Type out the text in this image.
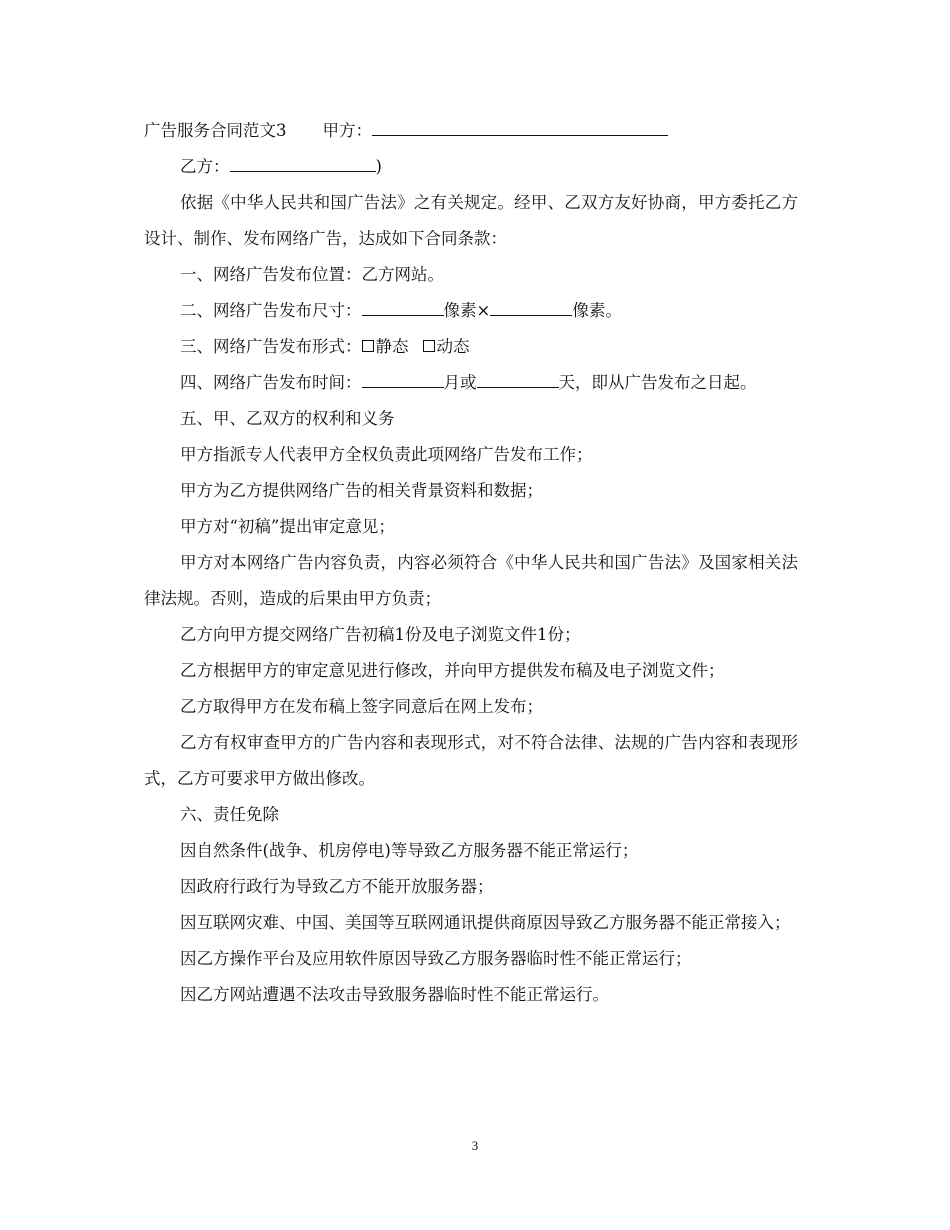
广告服务合同范文3 甲方：

乙方：	)

依据《中华人民共和国广告法》之有关规定。经甲、乙双方友好协商，甲方委托乙方设计、制作、发布网络广告，达成如下合同条款：

一、网络广告发布位置：乙方网站。

二、网络广告发布尺寸：	像素×	像素。

三、网络广告发布形式： 静态 动态

四、网络广告发布时间：	月或	天，即从广告发布之日起。

五、甲、乙双方的权利和义务

甲方指派专人代表甲方全权负责此项网络广告发布工作；

甲方为乙方提供网络广告的相关背景资料和数据；

甲方对“初稿”提出审定意见；

甲方对本网络广告内容负责，内容必须符合《中华人民共和国广告法》及国家相关法律法规。否则，造成的后果由甲方负责；

乙方向甲方提交网络广告初稿1份及电子浏览文件1份；

乙方根据甲方的审定意见进行修改，并向甲方提供发布稿及电子浏览文件；

乙方取得甲方在发布稿上签字同意后在网上发布；

乙方有权审查甲方的广告内容和表现形式，对不符合法律、法规的广告内容和表现形式，乙方可要求甲方做出修改。

六、责任免除

因自然条件(战争、机房停电)等导致乙方服务器不能正常运行；

因政府行政行为导致乙方不能开放服务器；

因互联网灾难、中国、美国等互联网通讯提供商原因导致乙方服务器不能正常接入；

因乙方操作平台及应用软件原因导致乙方服务器临时性不能正常运行；

因乙方网站遭遇不法攻击导致服务器临时性不能正常运行。

3
